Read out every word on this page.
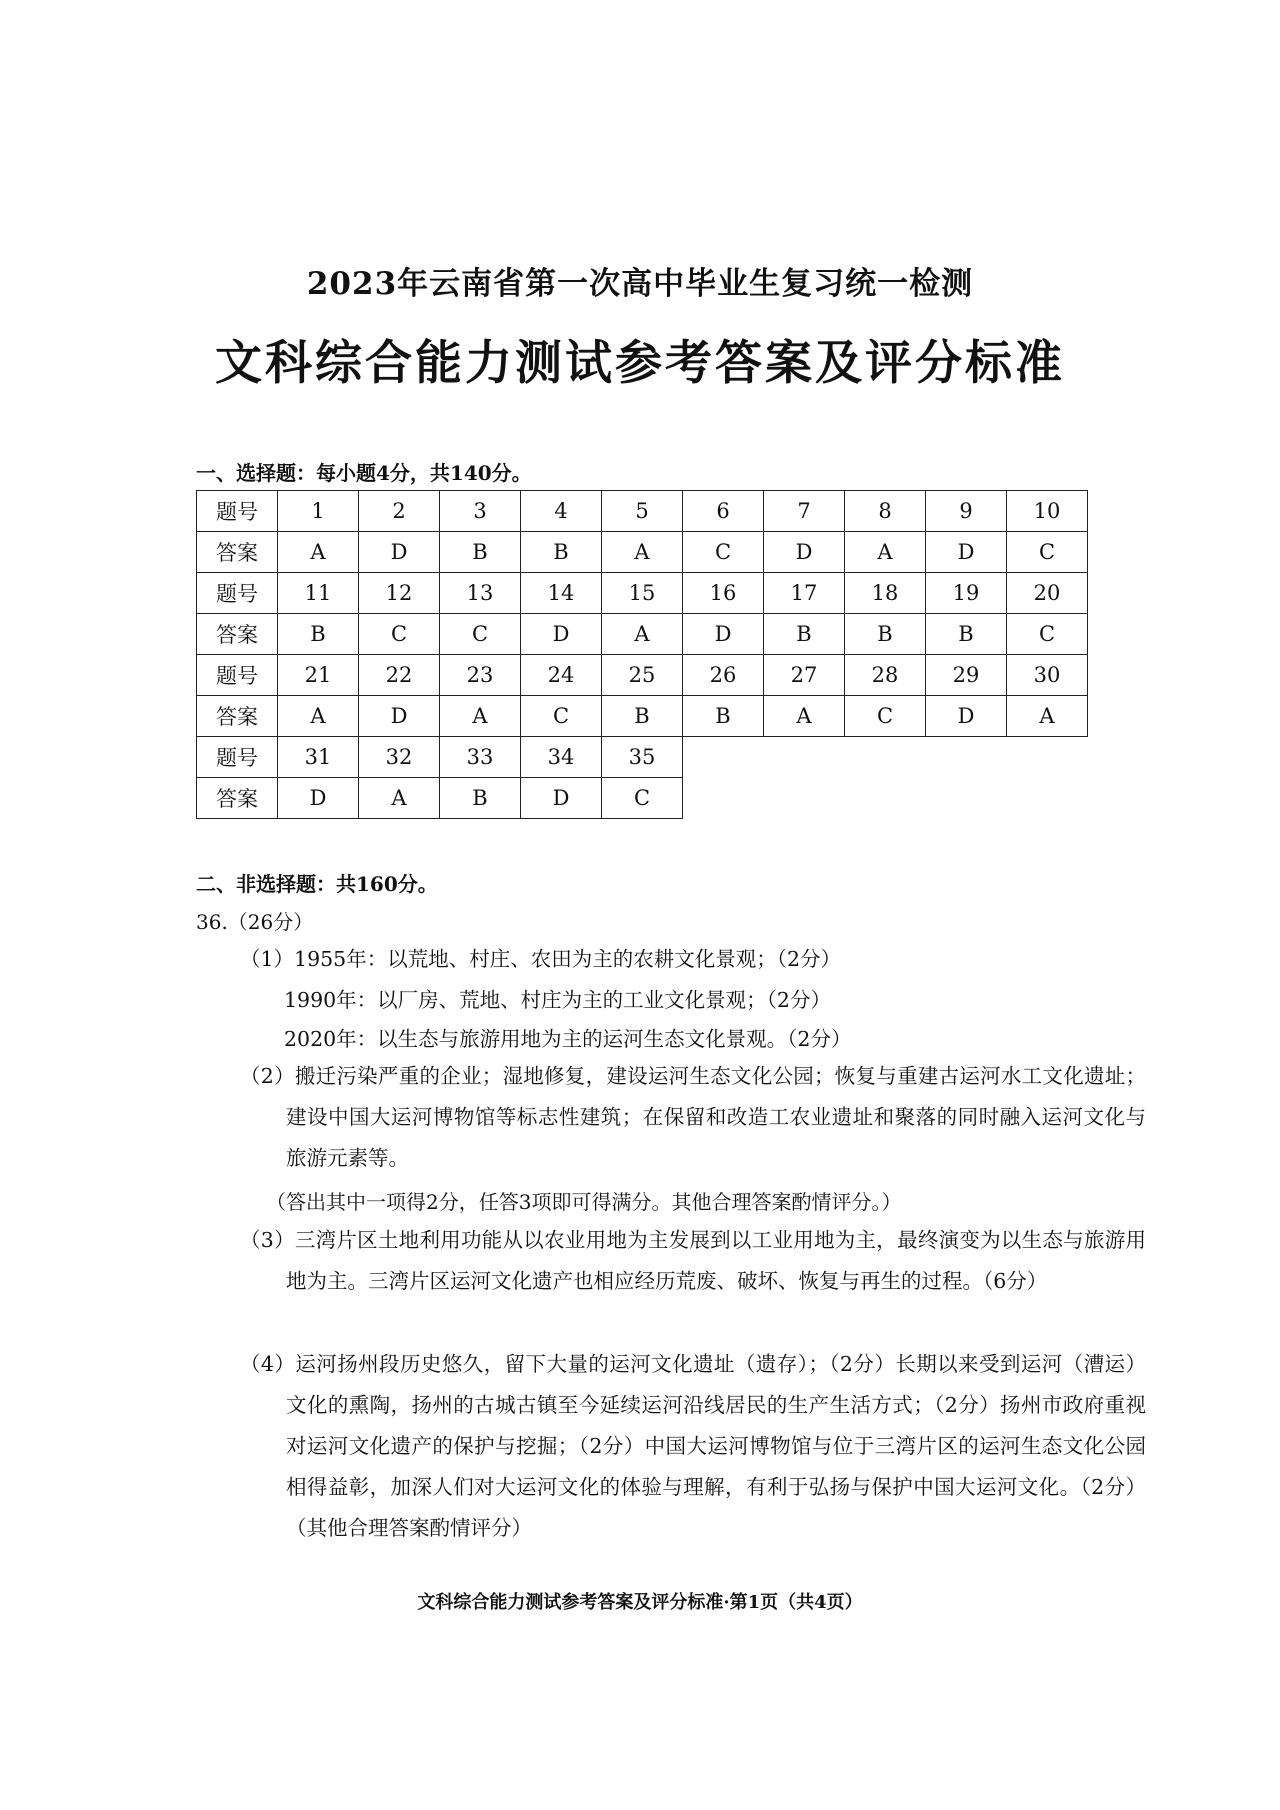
2023年云南省第一次高中毕业生复习统一检测
文科综合能力测试参考答案及评分标准
一、选择题：每小题4分，共140分。
题号	1	2	3	4	5	6	7	8	9	10
答案	A	D	B	B	A	C	D	A	D	C
题号	11	12	13	14	15	16	17	18	19	20
答案	B	C	C	D	A	D	B	B	B	C
题号	21	22	23	24	25	26	27	28	29	30
答案	A	D	A	C	B	B	A	C	D	A
题号	31	32	33	34	35					
答案	D	A	B	D	C					
二、非选择题：共160分。
36.（26分）
（1）1955年：以荒地、村庄、农田为主的农耕文化景观；（2分）
1990年：以厂房、荒地、村庄为主的工业文化景观；（2分）
2020年：以生态与旅游用地为主的运河生态文化景观。（2分）
（2）搬迁污染严重的企业；湿地修复，建设运河生态文化公园；恢复与重建古运河水工文化遗址；建设中国大运河博物馆等标志性建筑；在保留和改造工农业遗址和聚落的同时融入运河文化与旅游元素等。
（答出其中一项得2分，任答3项即可得满分。其他合理答案酌情评分。）
（3）三湾片区土地利用功能从以农业用地为主发展到以工业用地为主，最终演变为以生态与旅游用地为主。三湾片区运河文化遗产也相应经历荒废、破坏、恢复与再生的过程。（6分）
（4）运河扬州段历史悠久，留下大量的运河文化遗址（遗存）；（2分）长期以来受到运河（漕运）文化的熏陶，扬州的古城古镇至今延续运河沿线居民的生产生活方式；（2分）扬州市政府重视对运河文化遗产的保护与挖掘；（2分）中国大运河博物馆与位于三湾片区的运河生态文化公园相得益彰，加深人们对大运河文化的体验与理解，有利于弘扬与保护中国大运河文化。（2分）（其他合理答案酌情评分）
文科综合能力测试参考答案及评分标准·第1页（共4页）
